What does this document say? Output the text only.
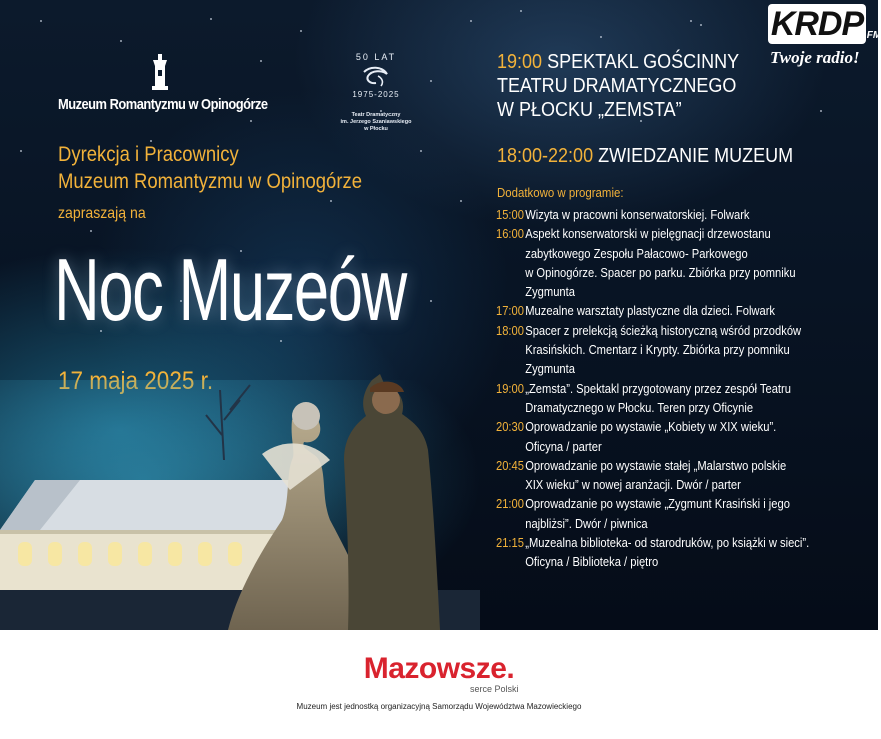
Muzeum Romantyzmu w Opinogórze
50 LAT
1975-2025
Teatr Dramatyczny
im. Jerzego Szaniawskiego
w Płocku
Dyrekcja i Pracownicy
Muzeum Romantyzmu w Opinogórze
zapraszają na
Noc Muzeów
19:00 SPEKTAKL GOŚCINNY
TEATRU DRAMATYCZNEGO
W PŁOCKU „ZEMSTA”
18:00-22:00 ZWIEDZANIE MUZEUM
Dodatkowo w programie:
15:00 Wizyta w pracowni konserwatorskiej. Folwark
16:00 Aspekt konserwatorski w pielęgnacji drzewostanu
zabytkowego Zespołu Pałacowo- Parkowego
w Opinogórze. Spacer po parku. Zbiórka przy pomniku
Zygmunta
17:00 Muzealne warsztaty plastyczne dla dzieci. Folwark
18:00 Spacer z prelekcją ścieżką historyczną wśród przodków
Krasińskich. Cmentarz i Krypty. Zbiórka przy pomniku
Zygmunta
19:00 „Zemsta”. Spektakl przygotowany przez zespół Teatru
Dramatycznego w Płocku. Teren przy Oficynie
20:30 Oprowadzanie po wystawie „Kobiety w XIX wieku”.
Oficyna / parter
20:45 Oprowadzanie po wystawie stałej „Malarstwo polskie
XIX wieku” w nowej aranżacji. Dwór / parter
21:00 Oprowadzanie po wystawie „Zygmunt Krasiński i jego
najbliżsi”. Dwór / piwnica
21:15 „Muzealna biblioteka- od starodruków, po książki w sieci”.
Oficyna / Biblioteka / piętro
KRDP .FM
Twoje radio!
Mazowsze.
serce Polski
Muzeum jest jednostką organizacyjną Samorządu Województwa Mazowieckiego
